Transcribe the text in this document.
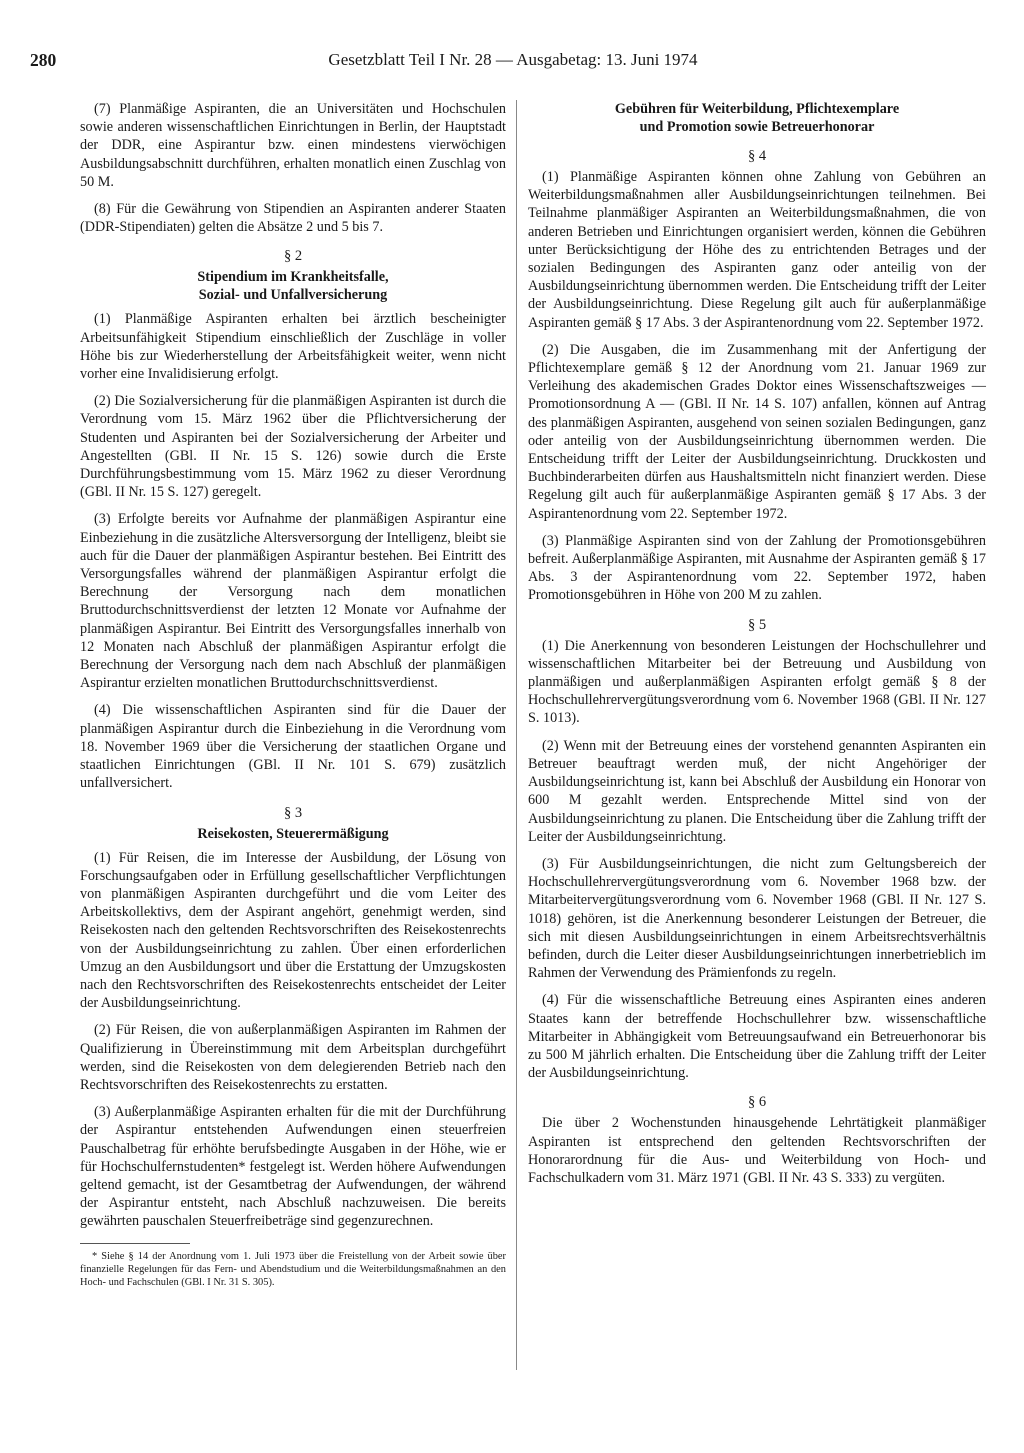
280	Gesetzblatt Teil I Nr. 28 — Ausgabetag: 13. Juni 1974

(7) Planmäßige Aspiranten, die an Universitäten und Hochschulen sowie anderen wissenschaftlichen Einrichtungen in Berlin, der Hauptstadt der DDR, eine Aspirantur bzw. einen mindestens vierwöchigen Ausbildungsabschnitt durchführen, erhalten monatlich einen Zuschlag von 50 M.

(8) Für die Gewährung von Stipendien an Aspiranten anderer Staaten (DDR-Stipendiaten) gelten die Absätze 2 und 5 bis 7.

§ 2
Stipendium im Krankheitsfalle,
Sozial- und Unfallversicherung

(1) Planmäßige Aspiranten erhalten bei ärztlich bescheinigter Arbeitsunfähigkeit Stipendium einschließlich der Zuschläge in voller Höhe bis zur Wiederherstellung der Arbeitsfähigkeit weiter, wenn nicht vorher eine Invalidisierung erfolgt.

(2) Die Sozialversicherung für die planmäßigen Aspiranten ist durch die Verordnung vom 15. März 1962 über die Pflichtversicherung der Studenten und Aspiranten bei der Sozialversicherung der Arbeiter und Angestellten (GBl. II Nr. 15 S. 126) sowie durch die Erste Durchführungsbestimmung vom 15. März 1962 zu dieser Verordnung (GBl. II Nr. 15 S. 127) geregelt.

(3) Erfolgte bereits vor Aufnahme der planmäßigen Aspirantur eine Einbeziehung in die zusätzliche Altersversorgung der Intelligenz, bleibt sie auch für die Dauer der planmäßigen Aspirantur bestehen. Bei Eintritt des Versorgungsfalles während der planmäßigen Aspirantur erfolgt die Berechnung der Versorgung nach dem monatlichen Bruttodurchschnittsverdienst der letzten 12 Monate vor Aufnahme der planmäßigen Aspirantur. Bei Eintritt des Versorgungsfalles innerhalb von 12 Monaten nach Abschluß der planmäßigen Aspirantur erfolgt die Berechnung der Versorgung nach dem nach Abschluß der planmäßigen Aspirantur erzielten monatlichen Bruttodurchschnittsverdienst.

(4) Die wissenschaftlichen Aspiranten sind für die Dauer der planmäßigen Aspirantur durch die Einbeziehung in die Verordnung vom 18. November 1969 über die Versicherung der staatlichen Organe und staatlichen Einrichtungen (GBl. II Nr. 101 S. 679) zusätzlich unfallversichert.

§ 3
Reisekosten, Steuerermäßigung

(1) Für Reisen, die im Interesse der Ausbildung, der Lösung von Forschungsaufgaben oder in Erfüllung gesellschaftlicher Verpflichtungen von planmäßigen Aspiranten durchgeführt und die vom Leiter des Arbeitskollektivs, dem der Aspirant angehört, genehmigt werden, sind Reisekosten nach den geltenden Rechtsvorschriften des Reisekostenrechts von der Ausbildungseinrichtung zu zahlen. Über einen erforderlichen Umzug an den Ausbildungsort und über die Erstattung der Umzugskosten nach den Rechtsvorschriften des Reisekostenrechts entscheidet der Leiter der Ausbildungseinrichtung.

(2) Für Reisen, die von außerplanmäßigen Aspiranten im Rahmen der Qualifizierung in Übereinstimmung mit dem Arbeitsplan durchgeführt werden, sind die Reisekosten von dem delegierenden Betrieb nach den Rechtsvorschriften des Reisekostenrechts zu erstatten.

(3) Außerplanmäßige Aspiranten erhalten für die mit der Durchführung der Aspirantur entstehenden Aufwendungen einen steuerfreien Pauschalbetrag für erhöhte berufsbedingte Ausgaben in der Höhe, wie er für Hochschulfernstudenten* festgelegt ist. Werden höhere Aufwendungen geltend gemacht, ist der Gesamtbetrag der Aufwendungen, der während der Aspirantur entsteht, nach Abschluß nachzuweisen. Die bereits gewährten pauschalen Steuerfreibeträge sind gegenzurechnen.

* Siehe § 14 der Anordnung vom 1. Juli 1973 über die Freistellung von der Arbeit sowie über finanzielle Regelungen für das Fern- und Abendstudium und die Weiterbildungsmaßnahmen an den Hoch- und Fachschulen (GBl. I Nr. 31 S. 305).

Gebühren für Weiterbildung, Pflichtexemplare
und Promotion sowie Betreuerhonorar
§ 4

(1) Planmäßige Aspiranten können ohne Zahlung von Gebühren an Weiterbildungsmaßnahmen aller Ausbildungseinrichtungen teilnehmen. Bei Teilnahme planmäßiger Aspiranten an Weiterbildungsmaßnahmen, die von anderen Betrieben und Einrichtungen organisiert werden, können die Gebühren unter Berücksichtigung der Höhe des zu entrichtenden Betrages und der sozialen Bedingungen des Aspiranten ganz oder anteilig von der Ausbildungseinrichtung übernommen werden. Die Entscheidung trifft der Leiter der Ausbildungseinrichtung. Diese Regelung gilt auch für außerplanmäßige Aspiranten gemäß § 17 Abs. 3 der Aspirantenordnung vom 22. September 1972.

(2) Die Ausgaben, die im Zusammenhang mit der Anfertigung der Pflichtexemplare gemäß § 12 der Anordnung vom 21. Januar 1969 zur Verleihung des akademischen Grades Doktor eines Wissenschaftszweiges — Promotionsordnung A — (GBl. II Nr. 14 S. 107) anfallen, können auf Antrag des planmäßigen Aspiranten, ausgehend von seinen sozialen Bedingungen, ganz oder anteilig von der Ausbildungseinrichtung übernommen werden. Die Entscheidung trifft der Leiter der Ausbildungseinrichtung. Druckkosten und Buchbinderarbeiten dürfen aus Haushaltsmitteln nicht finanziert werden. Diese Regelung gilt auch für außerplanmäßige Aspiranten gemäß § 17 Abs. 3 der Aspirantenordnung vom 22. September 1972.

(3) Planmäßige Aspiranten sind von der Zahlung der Promotionsgebühren befreit. Außerplanmäßige Aspiranten, mit Ausnahme der Aspiranten gemäß § 17 Abs. 3 der Aspirantenordnung vom 22. September 1972, haben Promotionsgebühren in Höhe von 200 M zu zahlen.

§ 5

(1) Die Anerkennung von besonderen Leistungen der Hochschullehrer und wissenschaftlichen Mitarbeiter bei der Betreuung und Ausbildung von planmäßigen und außerplanmäßigen Aspiranten erfolgt gemäß § 8 der Hochschullehrervergütungsverordnung vom 6. November 1968 (GBl. II Nr. 127 S. 1013).

(2) Wenn mit der Betreuung eines der vorstehend genannten Aspiranten ein Betreuer beauftragt werden muß, der nicht Angehöriger der Ausbildungseinrichtung ist, kann bei Abschluß der Ausbildung ein Honorar von 600 M gezahlt werden. Entsprechende Mittel sind von der Ausbildungseinrichtung zu planen. Die Entscheidung über die Zahlung trifft der Leiter der Ausbildungseinrichtung.

(3) Für Ausbildungseinrichtungen, die nicht zum Geltungsbereich der Hochschullehrervergütungsverordnung vom 6. November 1968 bzw. der Mitarbeitervergütungsverordnung vom 6. November 1968 (GBl. II Nr. 127 S. 1018) gehören, ist die Anerkennung besonderer Leistungen der Betreuer, die sich mit diesen Ausbildungseinrichtungen in einem Arbeitsrechtsverhältnis befinden, durch die Leiter dieser Ausbildungseinrichtungen innerbetrieblich im Rahmen der Verwendung des Prämienfonds zu regeln.

(4) Für die wissenschaftliche Betreuung eines Aspiranten eines anderen Staates kann der betreffende Hochschullehrer bzw. wissenschaftliche Mitarbeiter in Abhängigkeit vom Betreuungsaufwand ein Betreuerhonorar bis zu 500 M jährlich erhalten. Die Entscheidung über die Zahlung trifft der Leiter der Ausbildungseinrichtung.

§ 6

Die über 2 Wochenstunden hinausgehende Lehrtätigkeit planmäßiger Aspiranten ist entsprechend den geltenden Rechtsvorschriften der Honorarordnung für die Aus- und Weiterbildung von Hoch- und Fachschulkadern vom 31. März 1971 (GBl. II Nr. 43 S. 333) zu vergüten.
